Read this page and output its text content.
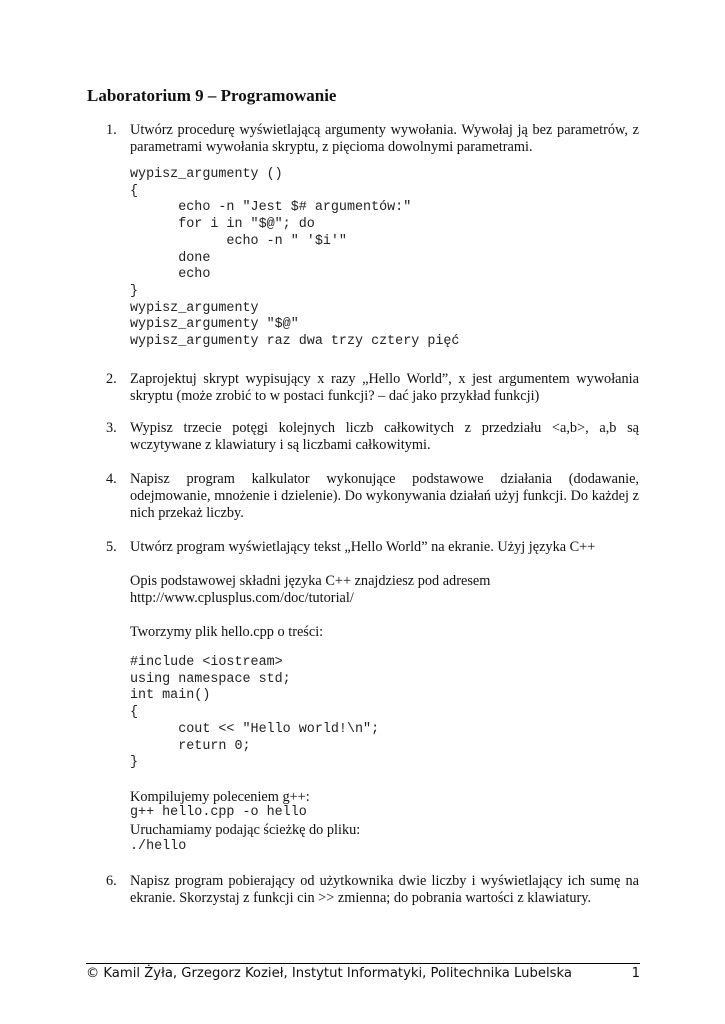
Laboratorium 9 – Programowanie
1. Utwórz procedurę wyświetlającą argumenty wywołania. Wywołaj ją bez parametrów, z parametrami wywołania skryptu, z pięcioma dowolnymi parametrami.
wypisz_argumenty ()
{
echo -n "Jest $# argumentów:"
for i in "$@"; do
echo -n " '$i'"
done
echo
}
wypisz_argumenty
wypisz_argumenty "$@"
wypisz_argumenty raz dwa trzy cztery pięć
2. Zaprojektuj skrypt wypisujący x razy „Hello World”, x jest argumentem wywołania skryptu (może zrobić to w postaci funkcji? – dać jako przykład funkcji)
3. Wypisz trzecie potęgi kolejnych liczb całkowitych z przedziału <a,b>, a,b są wczytywane z klawiatury i są liczbami całkowitymi.
4. Napisz program kalkulator wykonujące podstawowe działania (dodawanie, odejmowanie, mnożenie i dzielenie). Do wykonywania działań użyj funkcji. Do każdej z nich przekaż liczby.
5. Utwórz program wyświetlający tekst „Hello World” na ekranie. Użyj języka C++
Opis podstawowej składni języka C++ znajdziesz pod adresem
http://www.cplusplus.com/doc/tutorial/
Tworzymy plik hello.cpp o treści:
#include <iostream>
using namespace std;
int main()
{
cout << "Hello world!\n";
return 0;
}
Kompilujemy poleceniem g++:
g++ hello.cpp -o hello
Uruchamiamy podając ścieżkę do pliku:
./hello
6. Napisz program pobierający od użytkownika dwie liczby i wyświetlający ich sumę na ekranie. Skorzystaj z funkcji cin >> zmienna; do pobrania wartości z klawiatury.
© Kamil Żyła, Grzegorz Kozieł, Instytut Informatyki, Politechnika Lubelska	1
